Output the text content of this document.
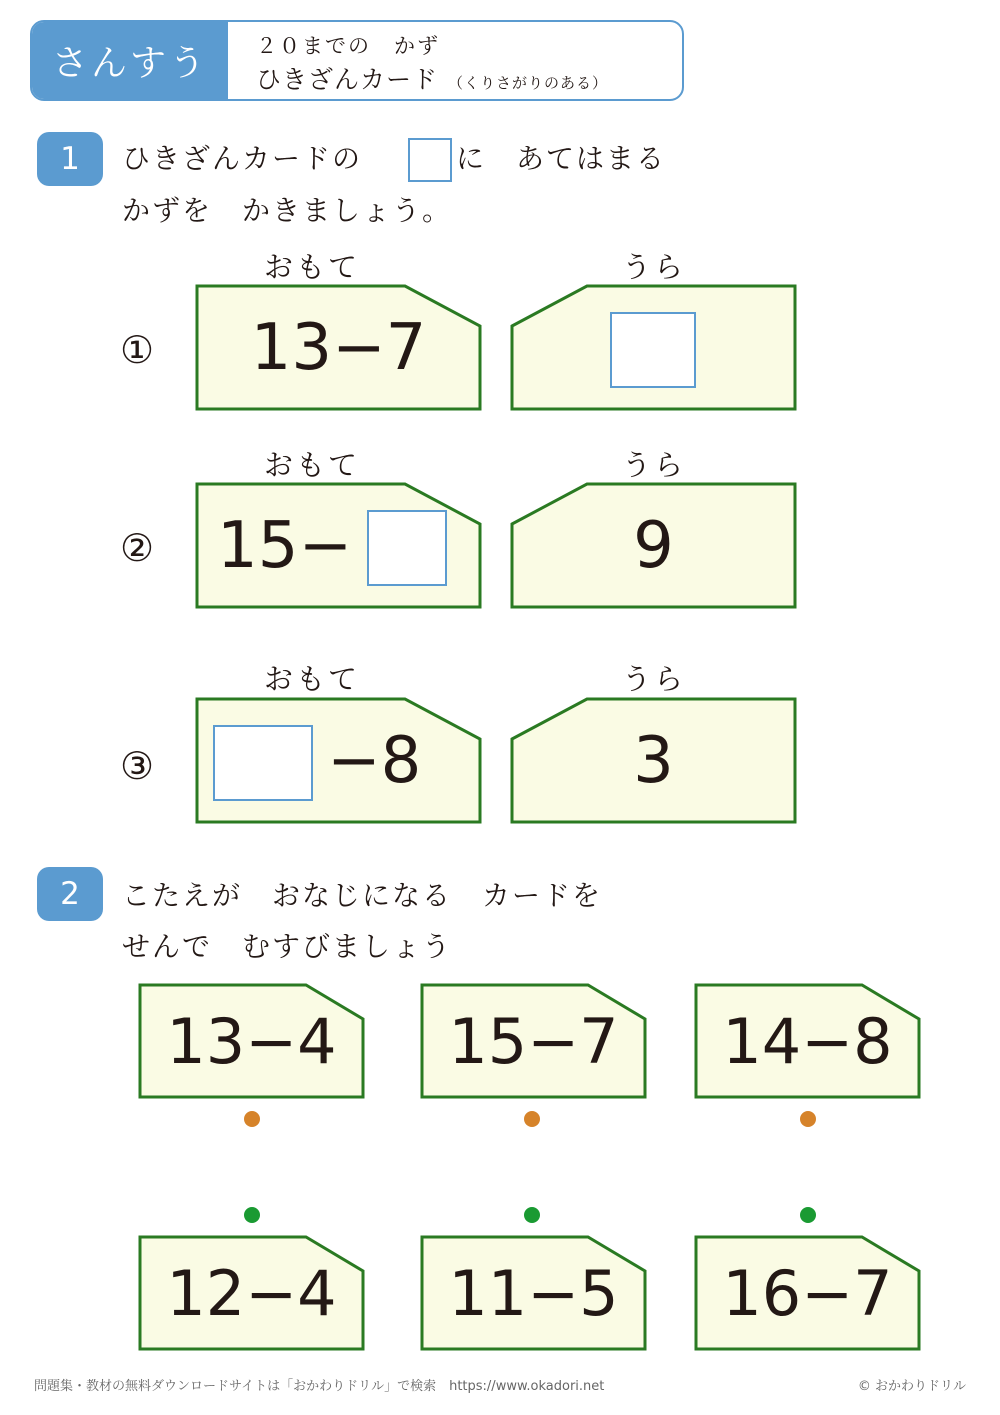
さんすう	２０までの　かず
ひきざんカード （くりさがりのある）
1	ひきざんカードの	に　あてはまる
かずを　かきましょう。
おもて	うら
①	13−7
おもて	うら
② 15−	9
おもて	うら
③	−8	3
2	こたえが　おなじになる　カードを
せんで　むすびましょう
13−4	15−7	14−8
12−4	11−5	16−7
問題集・教材の無料ダウンロードサイトは「おかわりドリル」で検索　https://www.okadori.net	© おかわりドリル
